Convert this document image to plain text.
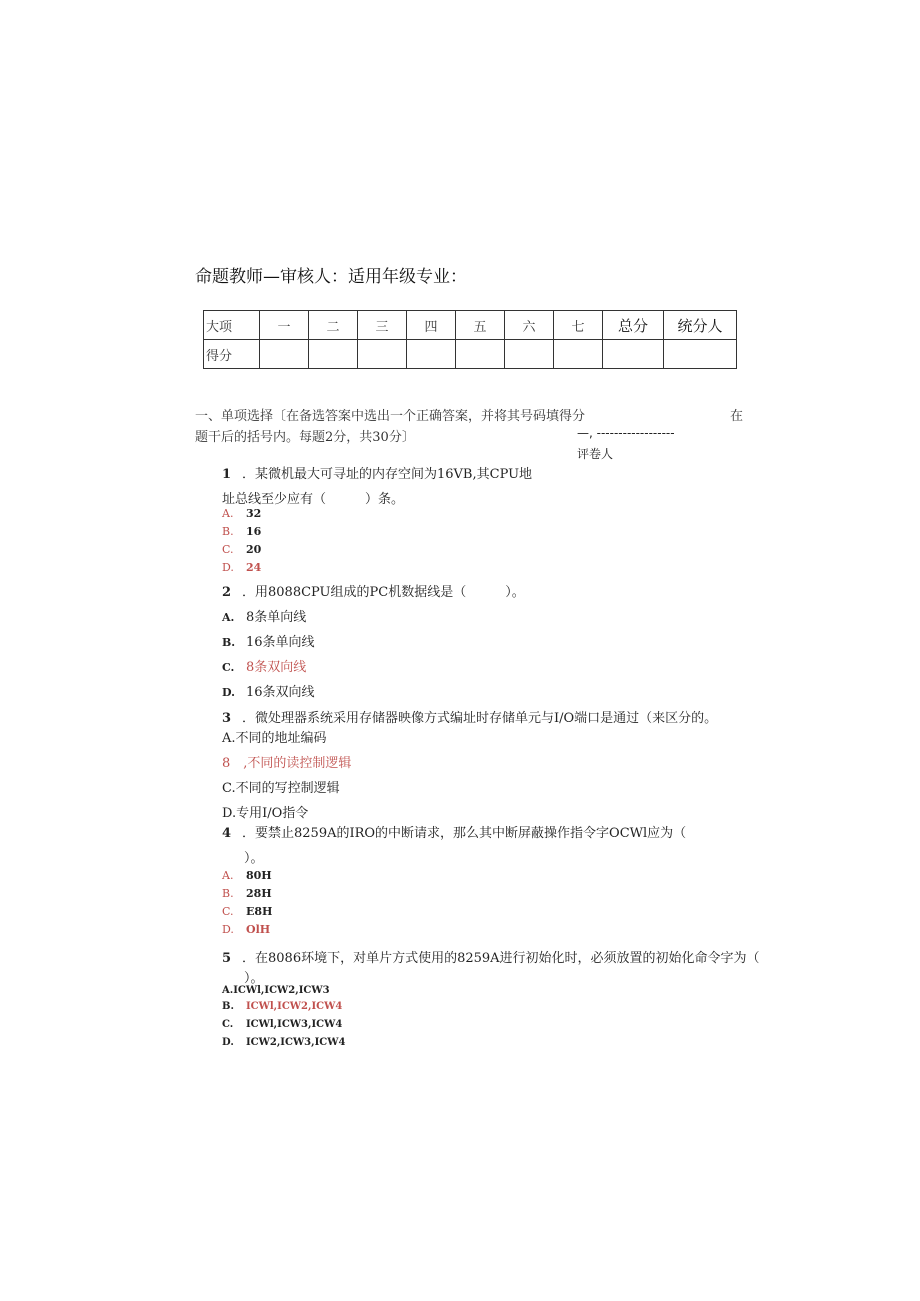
命题教师—审核人：适用年级专业：
大项	一	二	三	四	五	六	七	总分	统分人
得分									
一、单项选择〔在备选答案中选出一个正确答案，并将其号码填得分	在
题干后的括号内。每题2分，共30分〕	—, ------------------
评卷人
1 ．某微机最大可寻址的内存空间为16VB,其CPU地
址总线至少应有（　　　）条。
A. 32
B. 16
C. 20
D. 24
2 ．用8088CPU组成的PC机数据线是（　　　）。
A. 8条单向线
B. 16条单向线
C. 8条双向线
D. 16条双向线
3 ．微处理器系统采用存储器映像方式编址时存储单元与I/O端口是通过（来区分的。
A.不同的地址编码
8　,不同的读控制逻辑
C.不同的写控制逻辑
D.专用I/O指令
4 ．要禁止8259A的IRO的中断请求，那么其中断屏蔽操作指令字OCWl应为（
）。
A. 80H
B. 28H
C. E8H
D. OlH
5 ．在8086环境下，对单片方式使用的8259A进行初始化时，必须放置的初始化命令字为（
）。
A.ICWl,ICW2,ICW3
B. ICWl,ICW2,ICW4
C. ICWl,ICW3,ICW4
D. ICW2,ICW3,ICW4
